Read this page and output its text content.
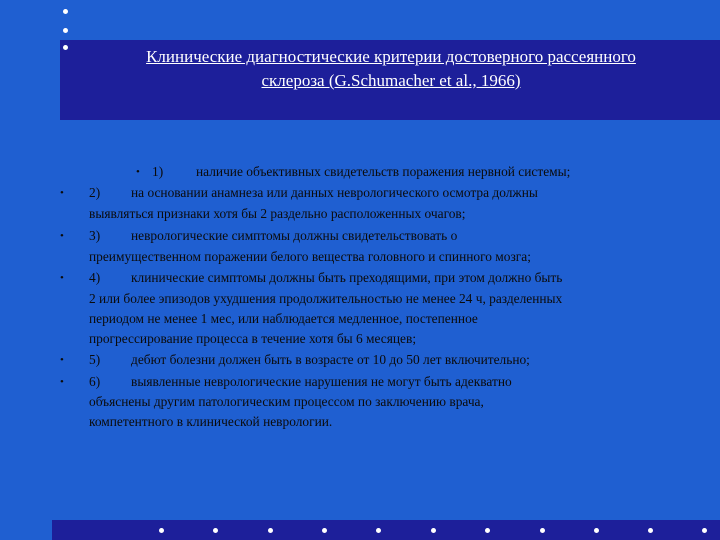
Клинические диагностические критерии достоверного рассеянного
склероза (G.Schumacher et al., 1966)
• 1) наличие объективных свидетельств поражения нервной системы;
• 2) на основании анамнеза или данных неврологического осмотра должны
выявляться признаки хотя бы 2 раздельно расположенных очагов;
• 3) неврологические симптомы должны свидетельствовать о
преимущественном поражении белого вещества головного и спинного мозга;
• 4) клинические симптомы должны быть преходящими, при этом должно быть
2 или более эпизодов ухудшения продолжительностью не менее 24 ч, разделенных
периодом не менее 1 мес, или наблюдается медленное, постепенное
прогрессирование процесса в течение хотя бы 6 месяцев;
• 5) дебют болезни должен быть в возрасте от 10 до 50 лет включительно;
• 6) выявленные неврологические нарушения не могут быть адекватно
объяснены другим патологическим процессом по заключению врача,
компетентного в клинической неврологии.
